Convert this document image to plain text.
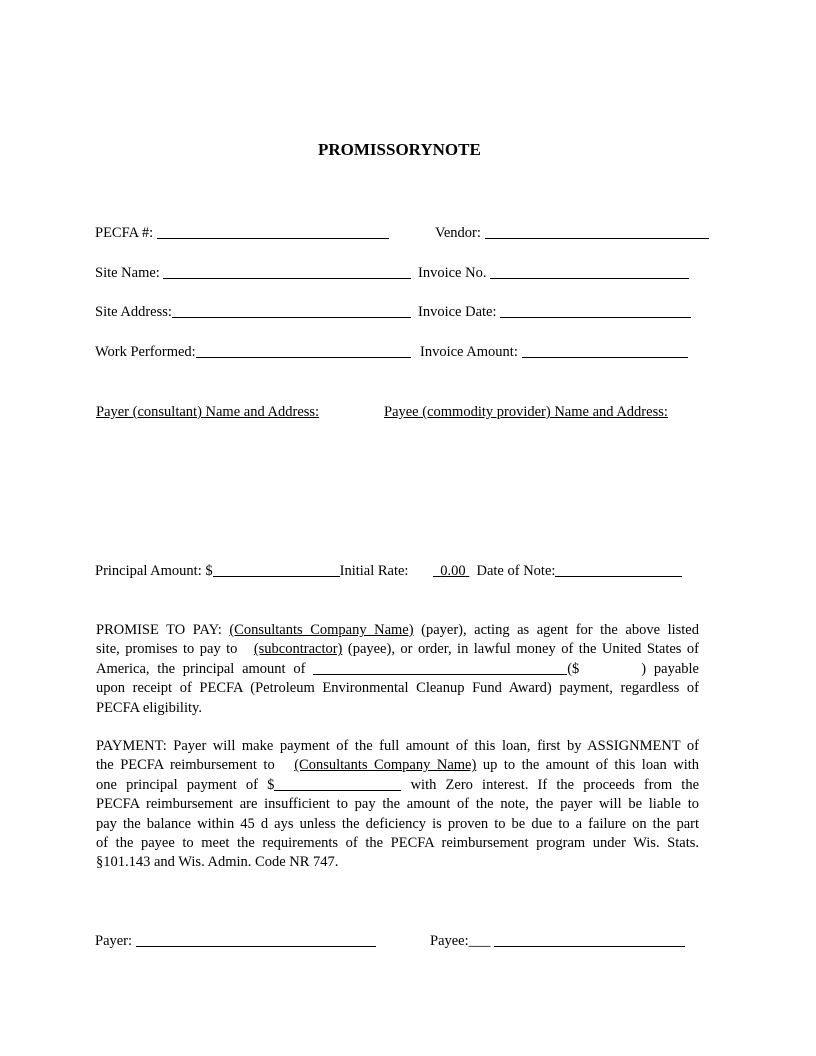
PROMISSORYNOTE
PECFA #:	Vendor:
Site Name:	Invoice No.
Site Address:	Invoice Date:
Work Performed:	Invoice Amount:
Payer (consultant) Name and Address:	Payee (commodity provider) Name and Address:
Principal Amount: $	Initial Rate:	0.00 Date of Note:
PROMISE TO PAY: (Consultants Company Name) (payer), acting as agent for the above listed
site, promises to pay to (subcontractor) (payee), or order, in lawful money of the United States of
America, the principal amount of	($	) payable
upon receipt of PECFA (Petroleum Environmental Cleanup Fund Award) payment, regardless of
PECFA eligibility.
PAYMENT: Payer will make payment of the full amount of this loan, first by ASSIGNMENT of
the PECFA reimbursement to (Consultants Company Name) up to the amount of this loan with
one principal payment of $	with Zero interest. If the proceeds from the
PECFA reimbursement are insufficient to pay the amount of the note, the payer will be liable to
pay the balance within 45 d ays unless the deficiency is proven to be due to a failure on the part
of the payee to meet the requirements of the PECFA reimbursement program under Wis. Stats.
§101.143 and Wis. Admin. Code NR 747.
Payer:	Payee:___
